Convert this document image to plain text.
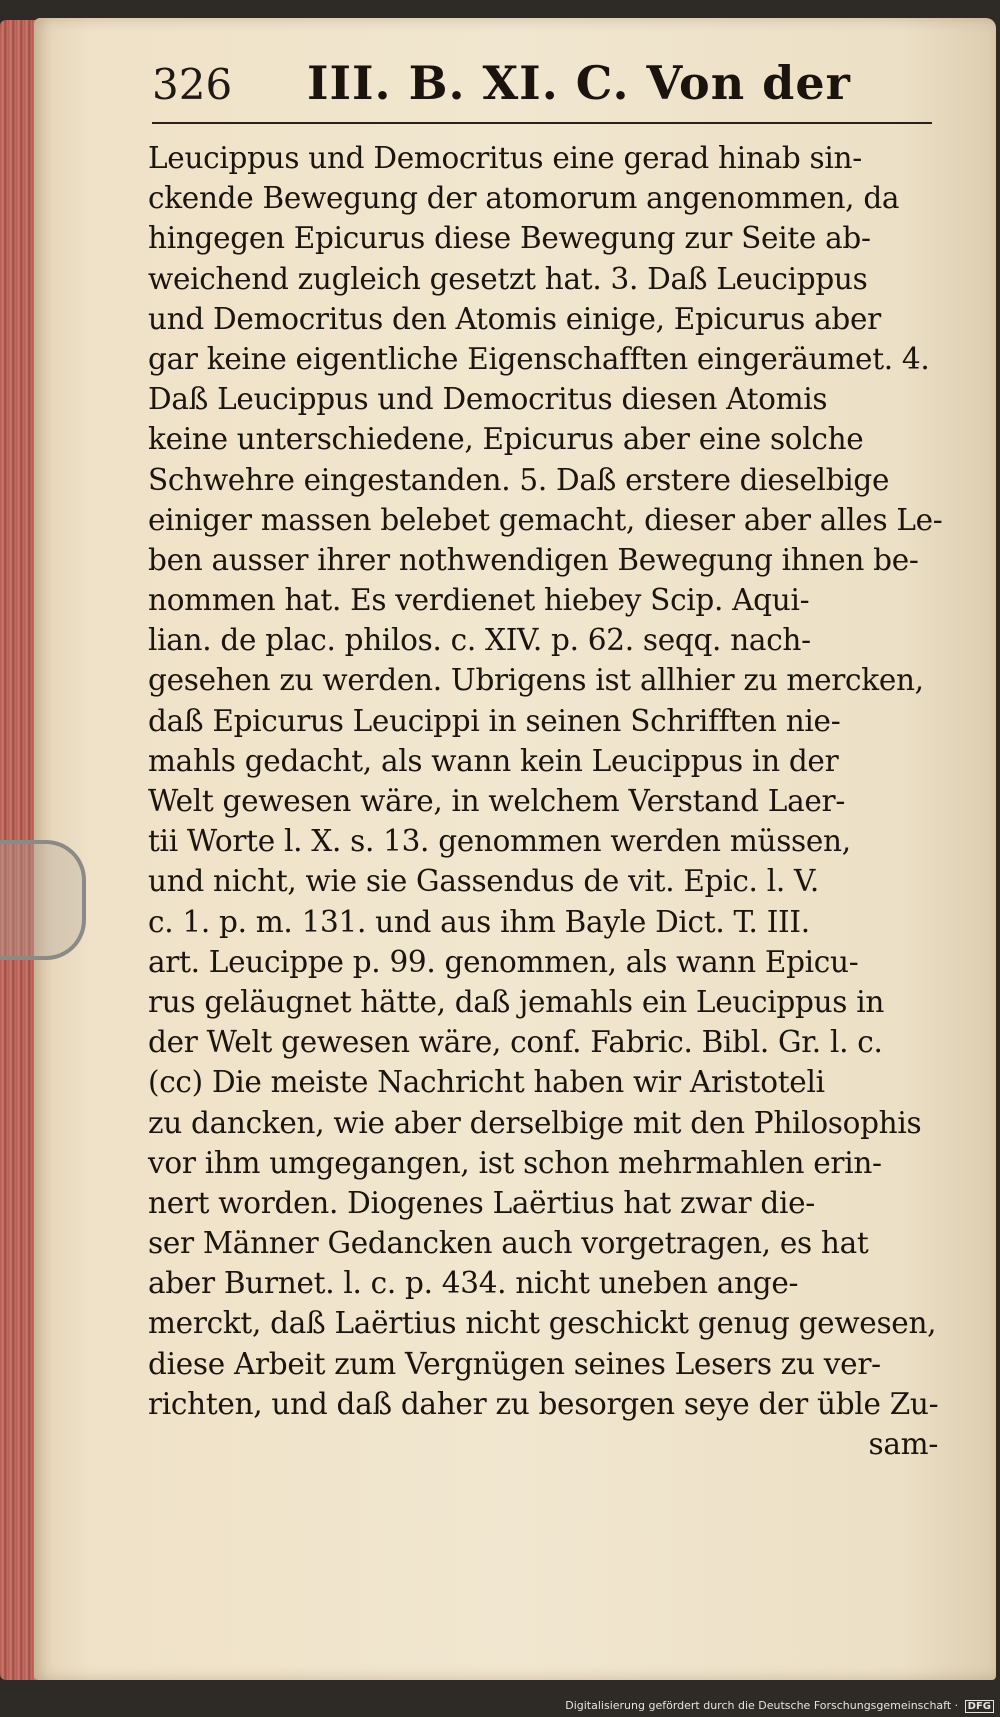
326 III. B. XI. C. Von der
Leucippus und Democritus eine gerad hinab sin-
ckende Bewegung der atomorum angenommen, da
hingegen Epicurus diese Bewegung zur Seite ab-
weichend zugleich gesetzt hat. 3. Daß Leucippus
und Democritus den Atomis einige, Epicurus aber
gar keine eigentliche Eigenschafften eingeräumet. 4.
Daß Leucippus und Democritus diesen Atomis
keine unterschiedene, Epicurus aber eine solche
Schwehre eingestanden. 5. Daß erstere dieselbige
einiger massen belebet gemacht, dieser aber alles Le-
ben ausser ihrer nothwendigen Bewegung ihnen be-
nommen hat. Es verdienet hiebey Scip. Aqui-
lian. de plac. philos. c. XIV. p. 62. seqq. nach-
gesehen zu werden. Ubrigens ist allhier zu mercken,
daß Epicurus Leucippi in seinen Schrifften nie-
mahls gedacht, als wann kein Leucippus in der
Welt gewesen wäre, in welchem Verstand Laer-
tii Worte l. X. s. 13. genommen werden müssen,
und nicht, wie sie Gassendus de vit. Epic. l. V.
c. 1. p. m. 131. und aus ihm Bayle Dict. T. III.
art. Leucippe p. 99. genommen, als wann Epicu-
rus geläugnet hätte, daß jemahls ein Leucippus in
der Welt gewesen wäre, conf. Fabric. Bibl. Gr. l. c.
(cc) Die meiste Nachricht haben wir Aristoteli
zu dancken, wie aber derselbige mit den Philosophis
vor ihm umgegangen, ist schon mehrmahlen erin-
nert worden. Diogenes Laërtius hat zwar die-
ser Männer Gedancken auch vorgetragen, es hat
aber Burnet. l. c. p. 434. nicht uneben ange-
merckt, daß Laërtius nicht geschickt genug gewesen,
diese Arbeit zum Vergnügen seines Lesers zu ver-
richten, und daß daher zu besorgen seye der üble Zu-
sam-
Digitalisierung gefördert durch die Deutsche Forschungsgemeinschaft · DFG
